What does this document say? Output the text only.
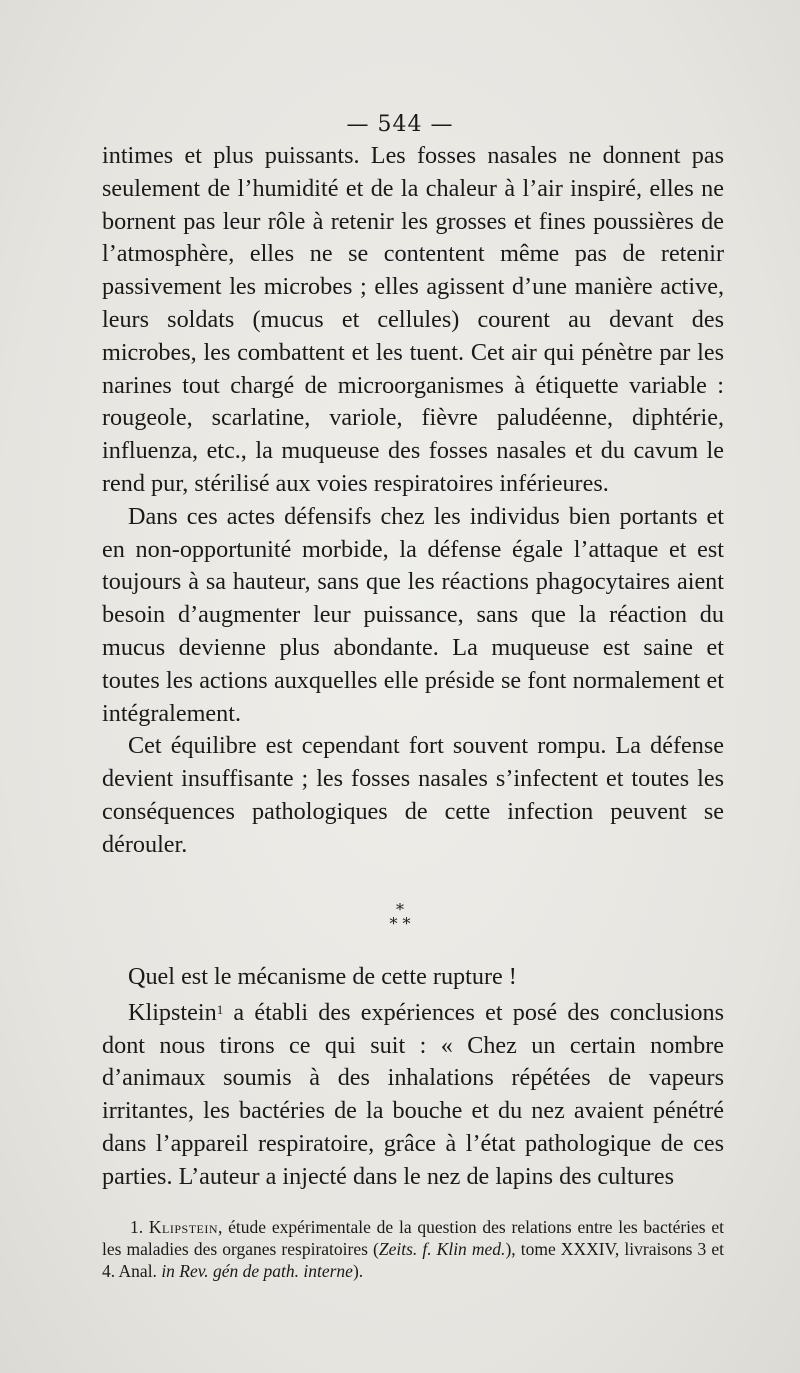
— 544 —

intimes et plus puissants. Les fosses nasales ne donnent pas seulement de l’humidité et de la chaleur à l’air inspiré, elles ne bornent pas leur rôle à retenir les grosses et fines poussières de l’atmosphère, elles ne se contentent même pas de retenir passivement les microbes ; elles agissent d’une manière active, leurs soldats (mucus et cellules) courent au devant des microbes, les combattent et les tuent. Cet air qui pénètre par les narines tout chargé de microorganismes à étiquette variable : rougeole, scarlatine, variole, fièvre paludéenne, diphtérie, influenza, etc., la muqueuse des fosses nasales et du cavum le rend pur, stérilisé aux voies respiratoires inférieures.

Dans ces actes défensifs chez les individus bien portants et en non-opportunité morbide, la défense égale l’attaque et est toujours à sa hauteur, sans que les réactions phagocytaires aient besoin d’augmenter leur puissance, sans que la réaction du mucus devienne plus abondante. La muqueuse est saine et toutes les actions auxquelles elle préside se font normalement et intégralement.

Cet équilibre est cependant fort souvent rompu. La défense devient insuffisante ; les fosses nasales s’infectent et toutes les conséquences pathologiques de cette infection peuvent se dérouler.

*
* *

Quel est le mécanisme de cette rupture !

Klipstein$^1$ a établi des expériences et posé des conclusions dont nous tirons ce qui suit : « Chez un certain nombre d’animaux soumis à des inhalations répétées de vapeurs irritantes, les bactéries de la bouche et du nez avaient pénétré dans l’appareil respiratoire, grâce à l’état pathologique de ces parties. L’auteur a injecté dans le nez de lapins des cultures

1. Klipstein, étude expérimentale de la question des relations entre les bactéries et les maladies des organes respiratoires (Zeits. f. Klin med.), tome XXXIV, livraisons 3 et 4. Anal. in Rev. gén de path. interne).
